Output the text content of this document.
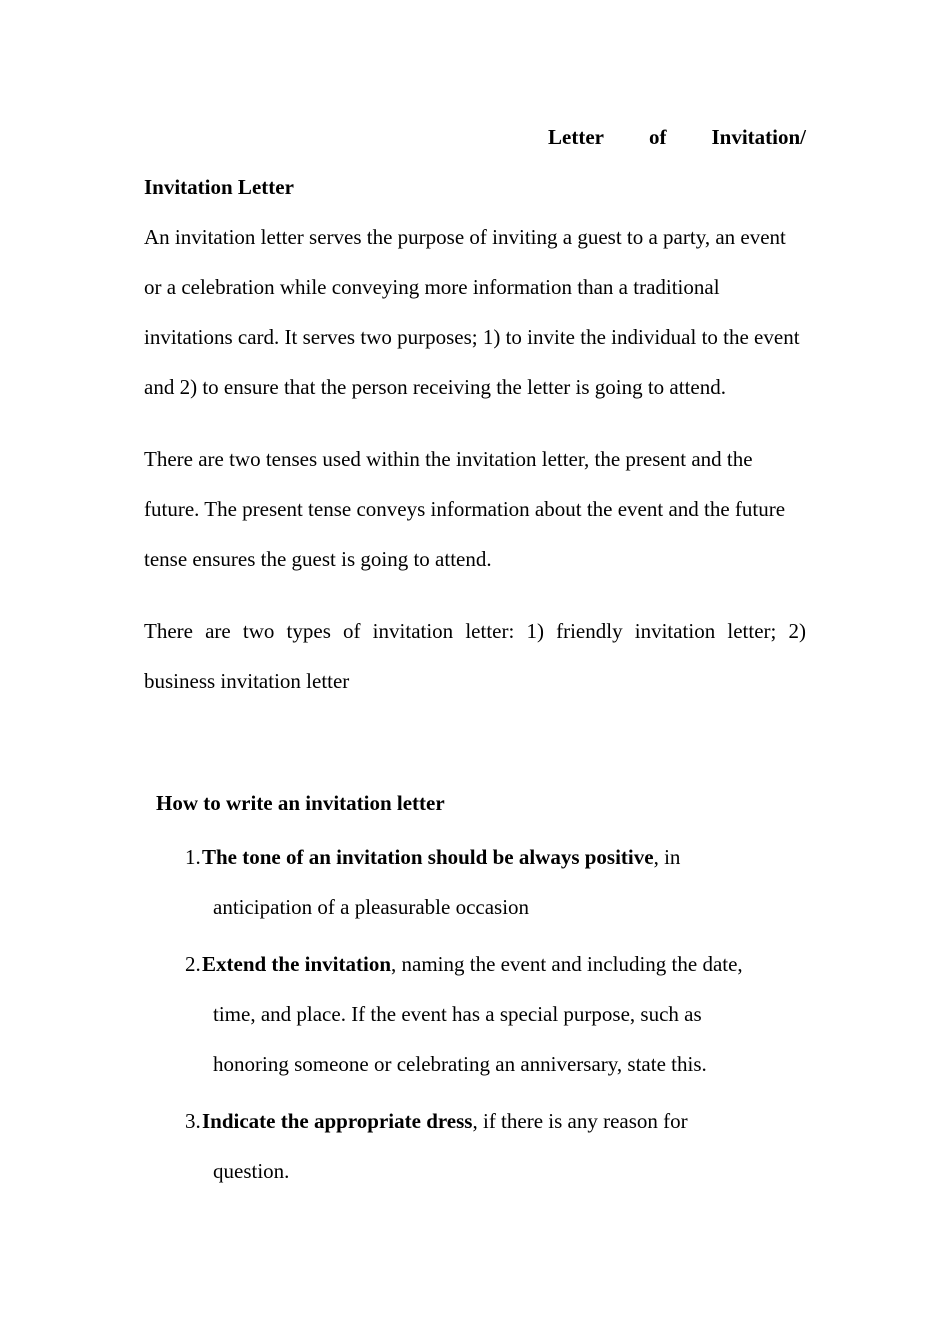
Letter of Invitation/
Invitation Letter

An invitation letter serves the purpose of inviting a guest to a party, an event or a celebration while conveying more information than a traditional invitations card. It serves two purposes; 1) to invite the individual to the event and 2) to ensure that the person receiving the letter is going to attend.

There are two tenses used within the invitation letter, the present and the future. The present tense conveys information about the event and the future tense ensures the guest is going to attend.

There are two types of invitation letter: 1) friendly invitation letter; 2) business invitation letter

How to write an invitation letter
1. The tone of an invitation should be always positive, in anticipation of a pleasurable occasion
2. Extend the invitation, naming the event and including the date, time, and place. If the event has a special purpose, such as honoring someone or celebrating an anniversary, state this.
3. Indicate the appropriate dress, if there is any reason for question.
